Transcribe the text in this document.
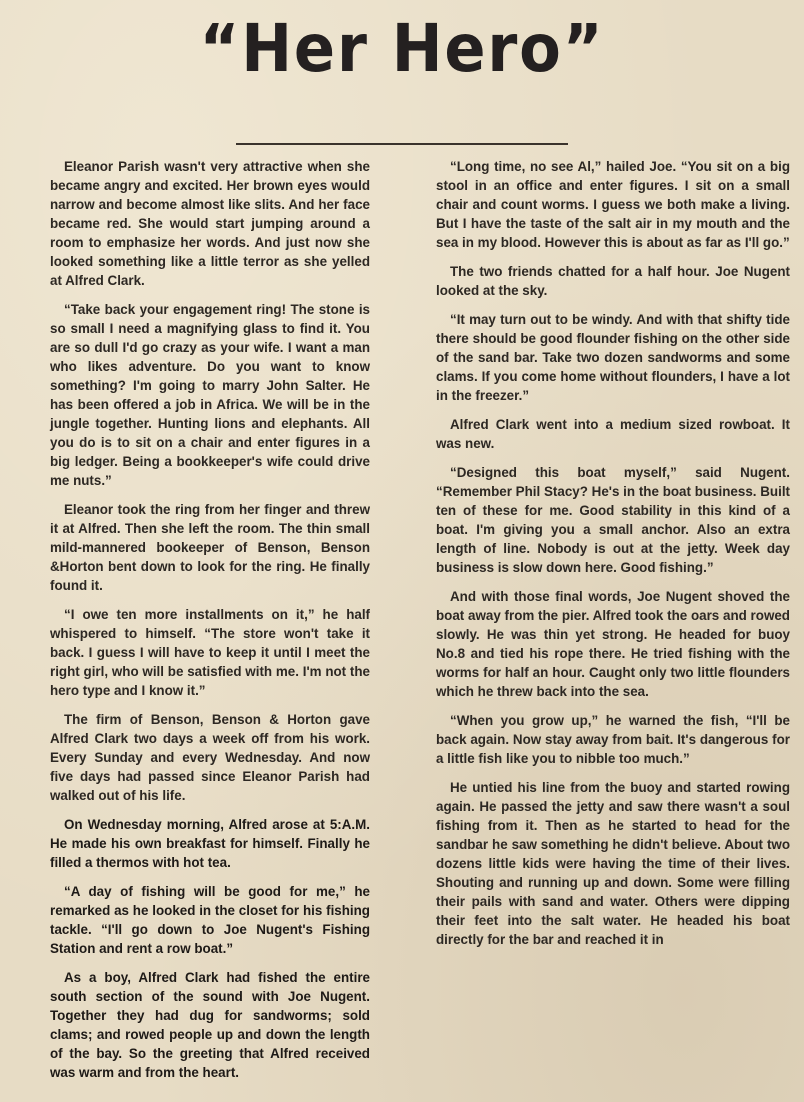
“Her Hero”

Eleanor Parish wasn't very attractive when she became angry and excited. Her brown eyes would narrow and become almost like slits. And her face became red. She would start jumping around a room to emphasize her words. And just now she looked something like a little terror as she yelled at Alfred Clark.

“Take back your engagement ring! The stone is so small I need a magnifying glass to find it. You are so dull I'd go crazy as your wife. I want a man who likes adventure. Do you want to know something? I'm going to marry John Salter. He has been offered a job in Africa. We will be in the jungle together. Hunting lions and elephants. All you do is to sit on a chair and enter figures in a big ledger. Being a bookkeeper's wife could drive me nuts.”

Eleanor took the ring from her finger and threw it at Alfred. Then she left the room. The thin small mild-mannered bookeeper of Benson, Benson &Horton bent down to look for the ring. He finally found it.

“I owe ten more installments on it,” he half whispered to himself. “The store won't take it back. I guess I will have to keep it until I meet the right girl, who will be satisfied with me. I'm not the hero type and I know it.”

The firm of Benson, Benson & Horton gave Alfred Clark two days a week off from his work. Every Sunday and every Wednesday. And now five days had passed since Eleanor Parish had walked out of his life.

On Wednesday morning, Alfred arose at 5:A.M. He made his own breakfast for himself. Finally he filled a thermos with hot tea.

“A day of fishing will be good for me,” he remarked as he looked in the closet for his fishing tackle. “I'll go down to Joe Nugent's Fishing Station and rent a row boat.”

As a boy, Alfred Clark had fished the entire south section of the sound with Joe Nugent. Together they had dug for sandworms; sold clams; and rowed people up and down the length of the bay. So the greeting that Alfred received was warm and from the heart.

“Long time, no see Al,” hailed Joe. “You sit on a big stool in an office and enter figures. I sit on a small chair and count worms. I guess we both make a living. But I have the taste of the salt air in my mouth and the sea in my blood. However this is about as far as I'll go.”

The two friends chatted for a half hour. Joe Nugent looked at the sky.

“It may turn out to be windy. And with that shifty tide there should be good flounder fishing on the other side of the sand bar. Take two dozen sandworms and some clams. If you come home without flounders, I have a lot in the freezer.”

Alfred Clark went into a medium sized rowboat. It was new.

“Designed this boat myself,” said Nugent. “Remember Phil Stacy? He's in the boat business. Built ten of these for me. Good stability in this kind of a boat. I'm giving you a small anchor. Also an extra length of line. Nobody is out at the jetty. Week day business is slow down here. Good fishing.”

And with those final words, Joe Nugent shoved the boat away from the pier. Alfred took the oars and rowed slowly. He was thin yet strong. He headed for buoy No.8 and tied his rope there. He tried fishing with the worms for half an hour. Caught only two little flounders which he threw back into the sea.

“When you grow up,” he warned the fish, “I'll be back again. Now stay away from bait. It's dangerous for a little fish like you to nibble too much.”

He untied his line from the buoy and started rowing again. He passed the jetty and saw there wasn't a soul fishing from it. Then as he started to head for the sandbar he saw something he didn't believe. About two dozens little kids were having the time of their lives. Shouting and running up and down. Some were filling their pails with sand and water. Others were dipping their feet into the salt water. He headed his boat directly for the bar and reached it in
